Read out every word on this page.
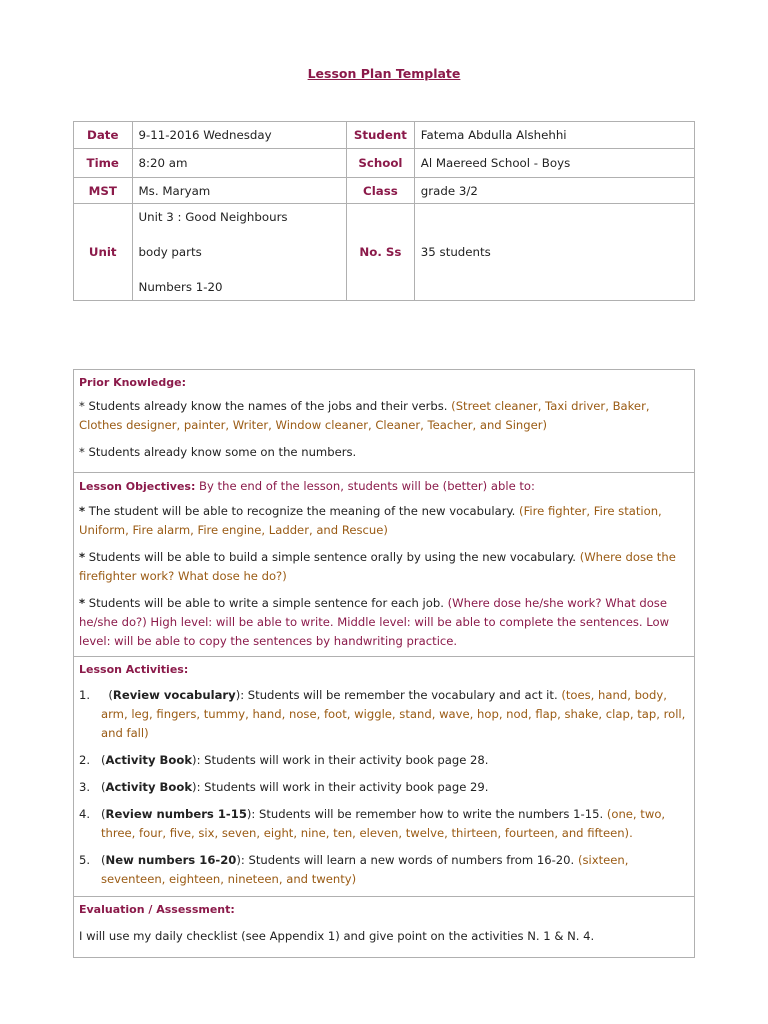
Lesson Plan Template
Date	9-11-2016 Wednesday	Student	Fatema Abdulla Alshehhi
Time	8:20 am	School	Al Maereed School - Boys
MST	Ms. Maryam	Class	grade 3/2
Unit	Unit 3 : Good Neighbours
body parts
Numbers 1-20	No. Ss	35 students
Prior Knowledge:
* Students already know the names of the jobs and their verbs. (Street cleaner, Taxi driver, Baker, Clothes designer, painter, Writer, Window cleaner, Cleaner, Teacher, and Singer)
* Students already know some on the numbers.
Lesson Objectives: By the end of the lesson, students will be (better) able to:
* The student will be able to recognize the meaning of the new vocabulary. (Fire fighter, Fire station, Uniform, Fire alarm, Fire engine, Ladder, and Rescue)
* Students will be able to build a simple sentence orally by using the new vocabulary. (Where dose the firefighter work? What dose he do?)
* Students will be able to write a simple sentence for each job. (Where dose he/she work? What dose he/she do?) High level: will be able to write. Middle level: will be able to complete the sentences. Low level: will be able to copy the sentences by handwriting practice.
Lesson Activities:
1. (Review vocabulary): Students will be remember the vocabulary and act it. (toes, hand, body, arm, leg, fingers, tummy, hand, nose, foot, wiggle, stand, wave, hop, nod, flap, shake, clap, tap, roll, and fall)
2. (Activity Book): Students will work in their activity book page 28.
3. (Activity Book): Students will work in their activity book page 29.
4. (Review numbers 1-15): Students will be remember how to write the numbers 1-15. (one, two, three, four, five, six, seven, eight, nine, ten, eleven, twelve, thirteen, fourteen, and fifteen).
5. (New numbers 16-20): Students will learn a new words of numbers from 16-20. (sixteen, seventeen, eighteen, nineteen, and twenty)
Evaluation / Assessment:
I will use my daily checklist (see Appendix 1) and give point on the activities N. 1 & N. 4.
